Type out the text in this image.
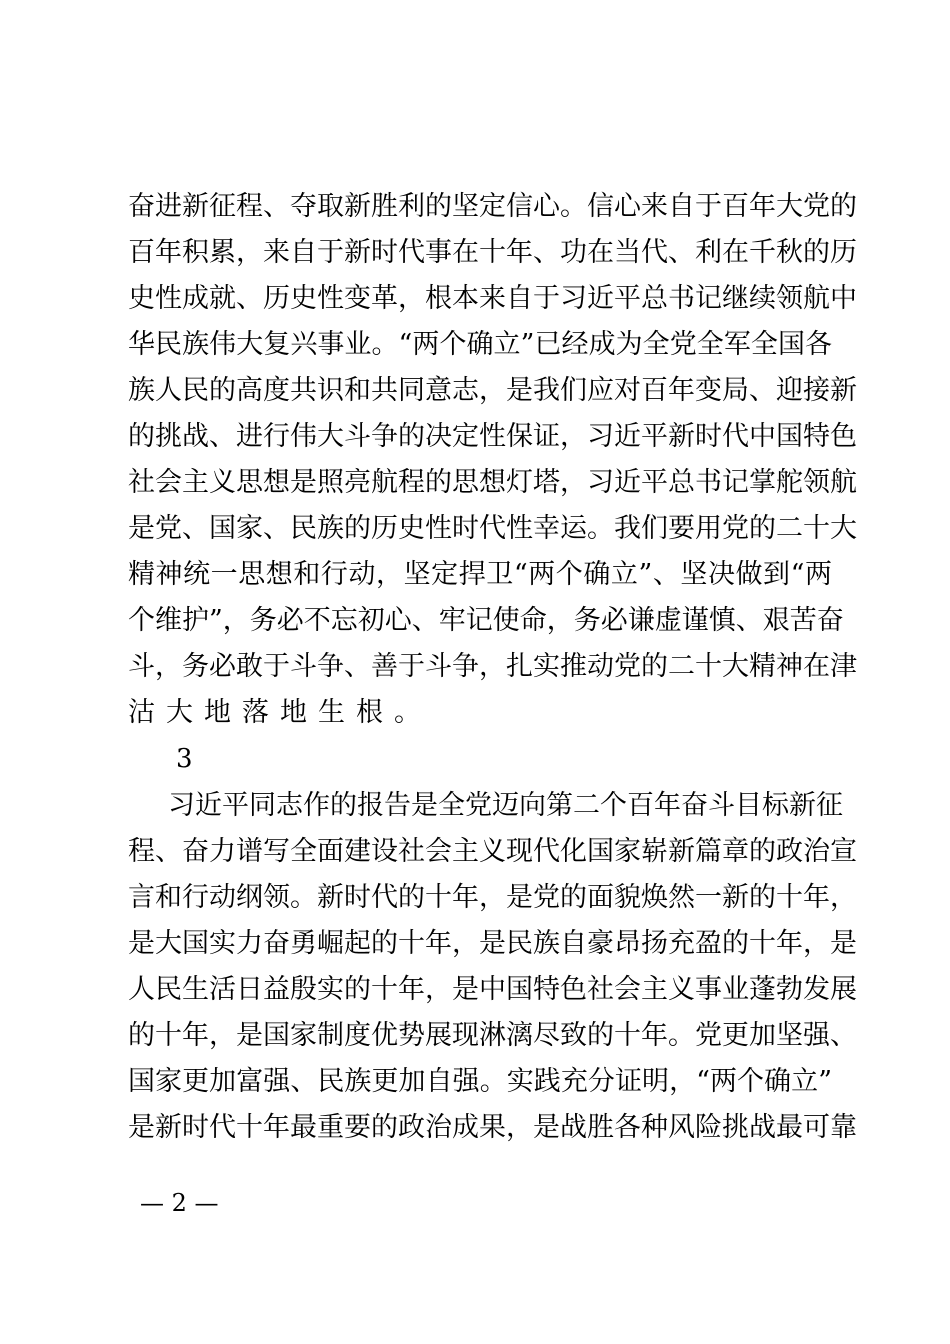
奋进新征程、夺取新胜利的坚定信心。信心来自于百年大党的
百年积累，来自于新时代事在十年、功在当代、利在千秋的历
史性成就、历史性变革，根本来自于习近平总书记继续领航中
华民族伟大复兴事业。“两个确立”已经成为全党全军全国各
族人民的高度共识和共同意志，是我们应对百年变局、迎接新
的挑战、进行伟大斗争的决定性保证，习近平新时代中国特色
社会主义思想是照亮航程的思想灯塔，习近平总书记掌舵领航
是党、国家、民族的历史性时代性幸运。我们要用党的二十大
精神统一思想和行动，坚定捍卫“两个确立”、坚决做到“两
个维护”，务必不忘初心、牢记使命，务必谦虚谨慎、艰苦奋
斗，务必敢于斗争、善于斗争，扎实推动党的二十大精神在津
沽大地落地生根。
3
习近平同志作的报告是全党迈向第二个百年奋斗目标新征
程、奋力谱写全面建设社会主义现代化国家崭新篇章的政治宣
言和行动纲领。新时代的十年，是党的面貌焕然一新的十年，
是大国实力奋勇崛起的十年，是民族自豪昂扬充盈的十年，是
人民生活日益殷实的十年，是中国特色社会主义事业蓬勃发展
的十年，是国家制度优势展现淋漓尽致的十年。党更加坚强、
国家更加富强、民族更加自强。实践充分证明，“两个确立”
是新时代十年最重要的政治成果，是战胜各种风险挑战最可靠
— 2 —
